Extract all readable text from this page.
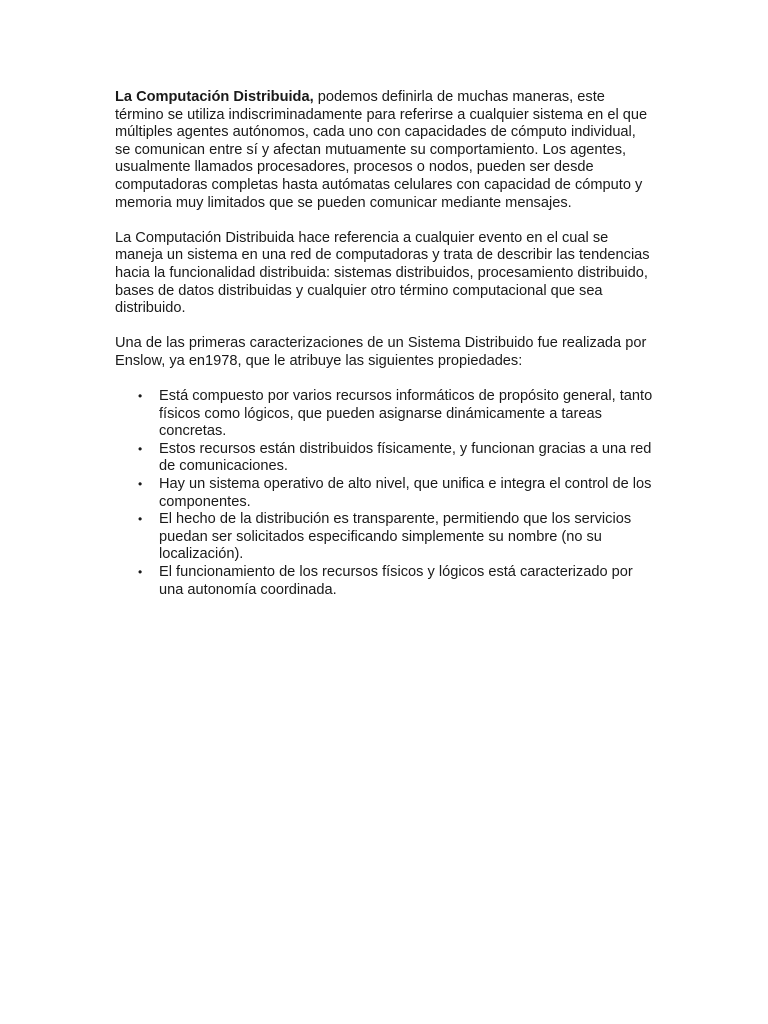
La Computación Distribuida, podemos definirla de muchas maneras, este término se utiliza indiscriminadamente para referirse a cualquier sistema en el que múltiples agentes autónomos, cada uno con capacidades de cómputo individual, se comunican entre sí y afectan mutuamente su comportamiento. Los agentes, usualmente llamados procesadores, procesos o nodos, pueden ser desde computadoras completas hasta autómatas celulares con capacidad de cómputo y memoria muy limitados que se pueden comunicar mediante mensajes.

La Computación Distribuida hace referencia a cualquier evento en el cual se maneja un sistema en una red de computadoras y trata de describir las tendencias hacia la funcionalidad distribuida: sistemas distribuidos, procesamiento distribuido, bases de datos distribuidas y cualquier otro término computacional que sea distribuido.

Una de las primeras caracterizaciones de un Sistema Distribuido fue realizada por Enslow, ya en1978, que le atribuye las siguientes propiedades:

• Está compuesto por varios recursos informáticos de propósito general, tanto físicos como lógicos, que pueden asignarse dinámicamente a tareas concretas.
• Estos recursos están distribuidos físicamente, y funcionan gracias a una red de comunicaciones.
• Hay un sistema operativo de alto nivel, que unifica e integra el control de los componentes.
• El hecho de la distribución es transparente, permitiendo que los servicios puedan ser solicitados especificando simplemente su nombre (no su localización).
• El funcionamiento de los recursos físicos y lógicos está caracterizado por una autonomía coordinada.
